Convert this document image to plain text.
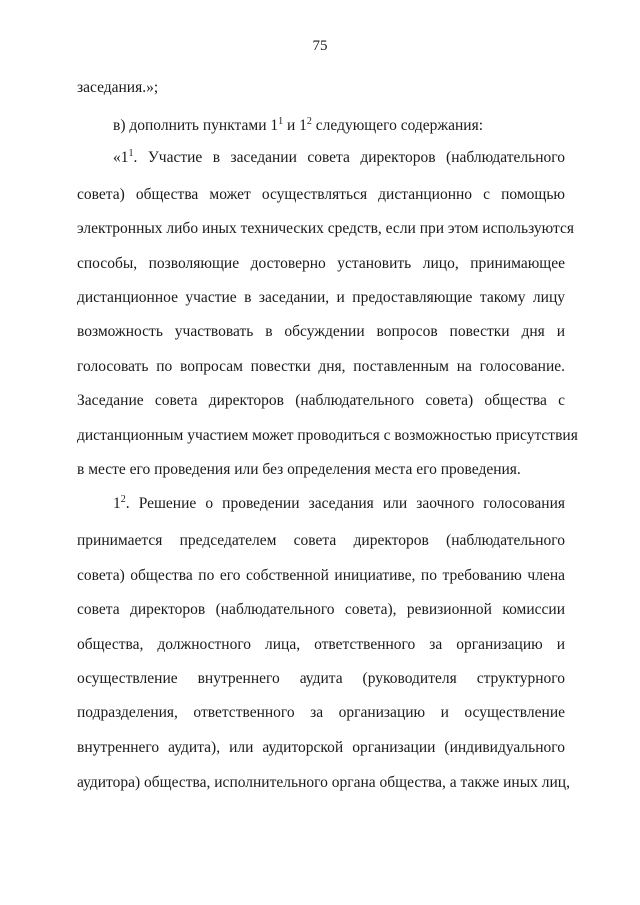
75
заседания.»;
в) дополнить пунктами $1^1$ и $1^2$ следующего содержания:
«$1^1$. Участие в заседании совета директоров (наблюдательного
совета) общества может осуществляться дистанционно с помощью
электронных либо иных технических средств, если при этом используются
способы, позволяющие достоверно установить лицо, принимающее
дистанционное участие в заседании, и предоставляющие такому лицу
возможность участвовать в обсуждении вопросов повестки дня и
голосовать по вопросам повестки дня, поставленным на голосование.
Заседание совета директоров (наблюдательного совета) общества с
дистанционным участием может проводиться с возможностью присутствия
в месте его проведения или без определения места его проведения.
$1^2$. Решение о проведении заседания или заочного голосования
принимается председателем совета директоров (наблюдательного
совета) общества по его собственной инициативе, по требованию члена
совета директоров (наблюдательного совета), ревизионной комиссии
общества, должностного лица, ответственного за организацию и
осуществление внутреннего аудита (руководителя структурного
подразделения, ответственного за организацию и осуществление
внутреннего аудита), или аудиторской организации (индивидуального
аудитора) общества, исполнительного органа общества, а также иных лиц,
